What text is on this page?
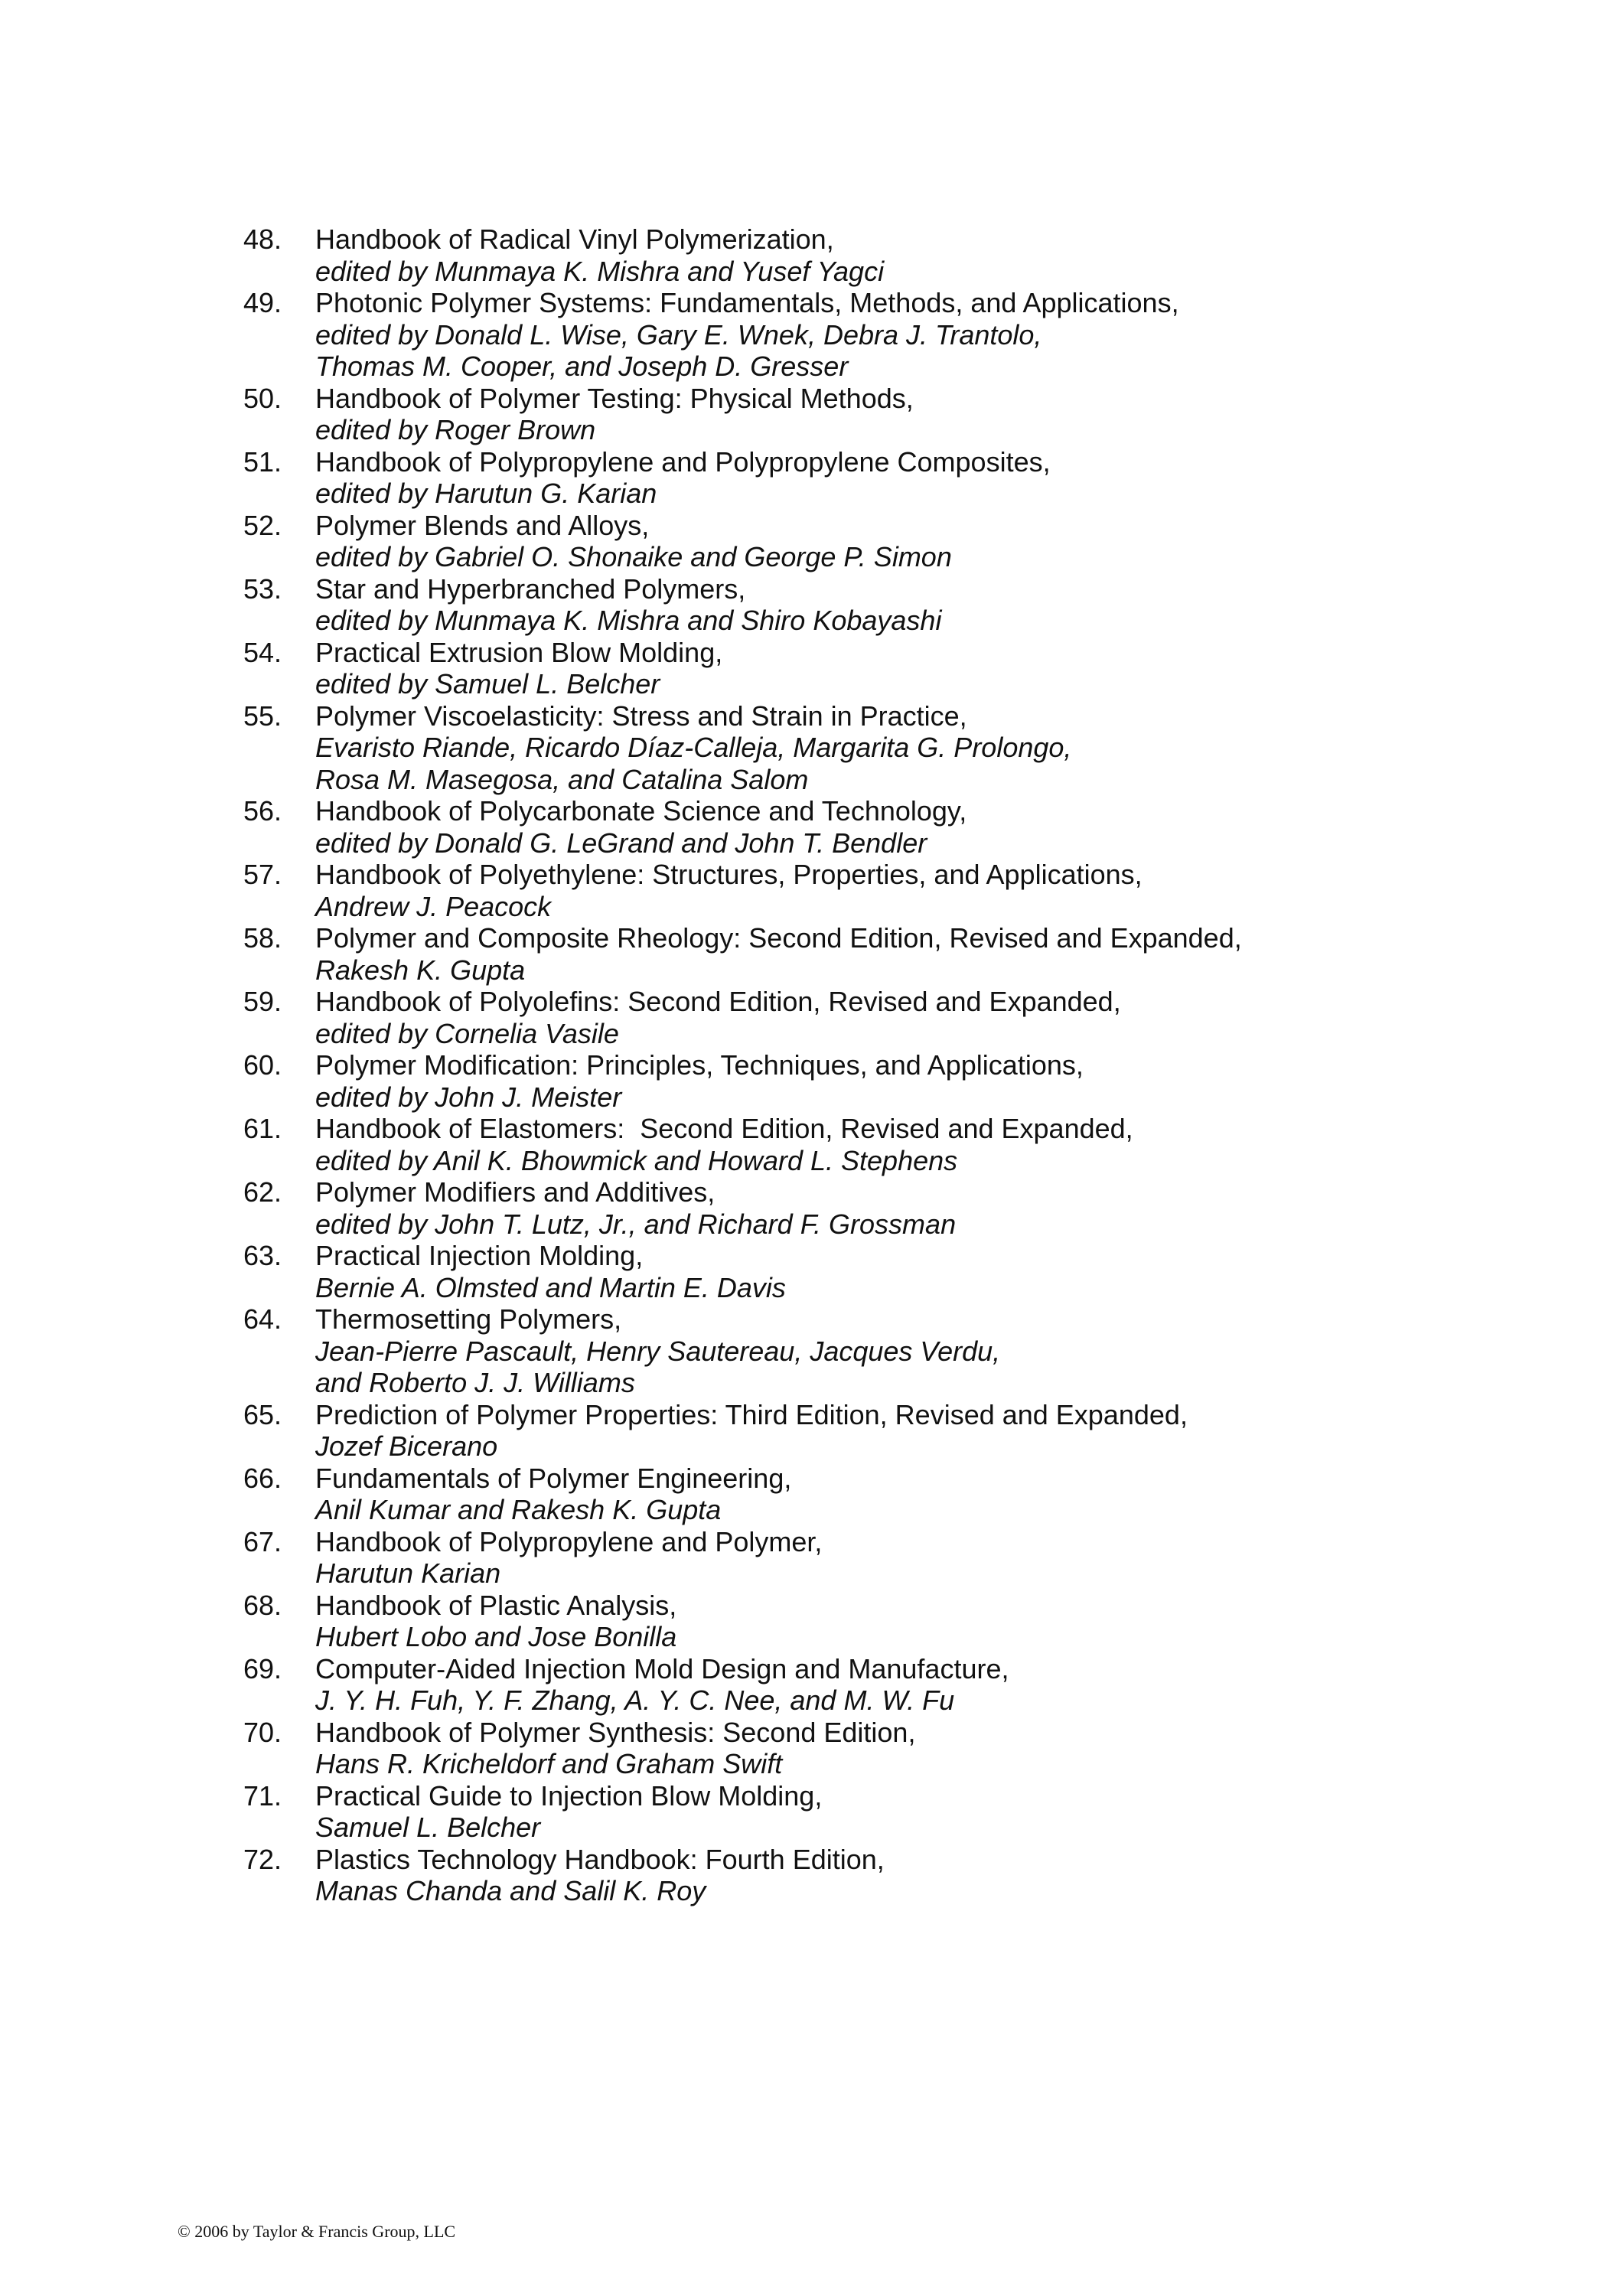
48.	Handbook of Radical Vinyl Polymerization,
edited by Munmaya K. Mishra and Yusef Yagci
49.	Photonic Polymer Systems: Fundamentals, Methods, and Applications,
edited by Donald L. Wise, Gary E. Wnek, Debra J. Trantolo,
Thomas M. Cooper, and Joseph D. Gresser
50.	Handbook of Polymer Testing: Physical Methods,
edited by Roger Brown
51.	Handbook of Polypropylene and Polypropylene Composites,
edited by Harutun G. Karian
52.	Polymer Blends and Alloys,
edited by Gabriel O. Shonaike and George P. Simon
53.	Star and Hyperbranched Polymers,
edited by Munmaya K. Mishra and Shiro Kobayashi
54.	Practical Extrusion Blow Molding,
edited by Samuel L. Belcher
55.	Polymer Viscoelasticity: Stress and Strain in Practice,
Evaristo Riande, Ricardo Díaz-Calleja, Margarita G. Prolongo,
Rosa M. Masegosa, and Catalina Salom
56.	Handbook of Polycarbonate Science and Technology,
edited by Donald G. LeGrand and John T. Bendler
57.	Handbook of Polyethylene: Structures, Properties, and Applications,
Andrew J. Peacock
58.	Polymer and Composite Rheology: Second Edition, Revised and Expanded,
Rakesh K. Gupta
59.	Handbook of Polyolefins: Second Edition, Revised and Expanded,
edited by Cornelia Vasile
60.	Polymer Modification: Principles, Techniques, and Applications,
edited by John J. Meister
61.	Handbook of Elastomers:  Second Edition, Revised and Expanded,
edited by Anil K. Bhowmick and Howard L. Stephens
62.	Polymer Modifiers and Additives,
edited by John T. Lutz, Jr., and Richard F. Grossman
63.	Practical Injection Molding,
Bernie A. Olmsted and Martin E. Davis
64.	Thermosetting Polymers,
Jean-Pierre Pascault, Henry Sautereau, Jacques Verdu,
and Roberto J. J. Williams
65.	Prediction of Polymer Properties: Third Edition, Revised and Expanded,
Jozef Bicerano
66.	Fundamentals of Polymer Engineering,
Anil Kumar and Rakesh K. Gupta
67.	Handbook of Polypropylene and Polymer,
Harutun Karian
68.	Handbook of Plastic Analysis,
Hubert Lobo and Jose Bonilla
69.	Computer-Aided Injection Mold Design and Manufacture,
J. Y. H. Fuh, Y. F. Zhang, A. Y. C. Nee, and M. W. Fu
70.	Handbook of Polymer Synthesis: Second Edition,
Hans R. Kricheldorf and Graham Swift
71.	Practical Guide to Injection Blow Molding,
Samuel L. Belcher
72.	Plastics Technology Handbook: Fourth Edition,
Manas Chanda and Salil K. Roy
© 2006 by Taylor & Francis Group, LLC
